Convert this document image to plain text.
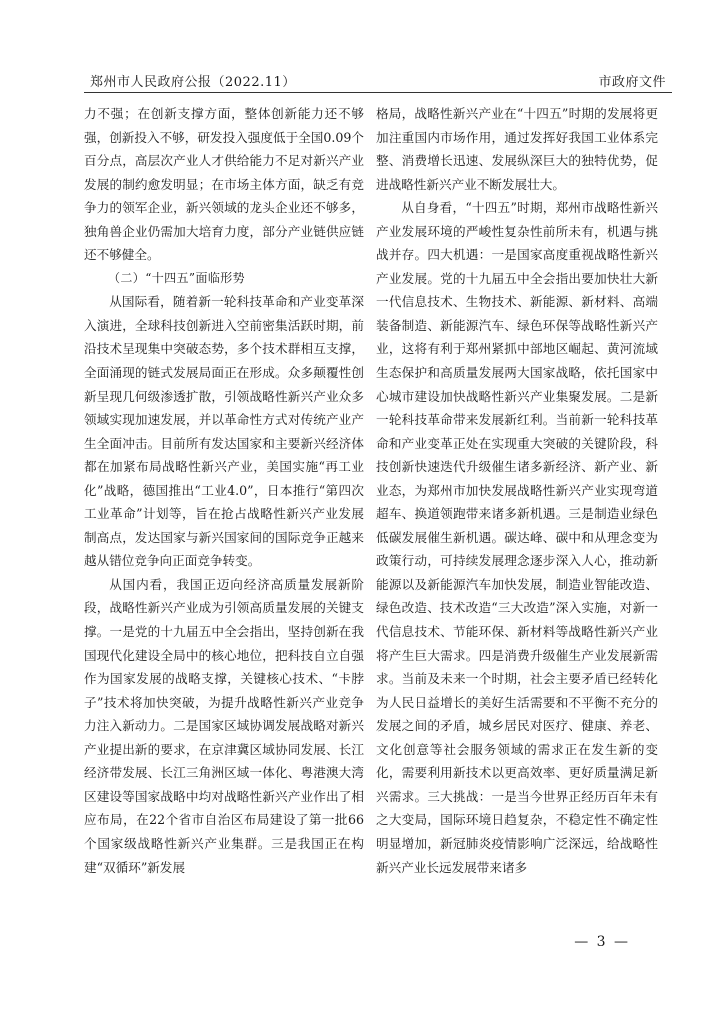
郑州市人民政府公报（2022.11）	市政府文件

力不强；在创新支撑方面，整体创新能力还不够强，创新投入不够，研发投入强度低于全国0.09个百分点，高层次产业人才供给能力不足对新兴产业发展的制约愈发明显；在市场主体方面，缺乏有竞争力的领军企业，新兴领域的龙头企业还不够多，独角兽企业仍需加大培育力度，部分产业链供应链还不够健全。

（二）“十四五”面临形势

从国际看，随着新一轮科技革命和产业变革深入演进，全球科技创新进入空前密集活跃时期，前沿技术呈现集中突破态势，多个技术群相互支撑，全面涌现的链式发展局面正在形成。众多颠覆性创新呈现几何级渗透扩散，引领战略性新兴产业众多领域实现加速发展，并以革命性方式对传统产业产生全面冲击。目前所有发达国家和主要新兴经济体都在加紧布局战略性新兴产业，美国实施“再工业化”战略，德国推出“工业4.0”，日本推行“第四次工业革命”计划等，旨在抢占战略性新兴产业发展制高点，发达国家与新兴国家间的国际竞争正越来越从错位竞争向正面竞争转变。

从国内看，我国正迈向经济高质量发展新阶段，战略性新兴产业成为引领高质量发展的关键支撑。一是党的十九届五中全会指出，坚持创新在我国现代化建设全局中的核心地位，把科技自立自强作为国家发展的战略支撑，关键核心技术、“卡脖子”技术将加快突破，为提升战略性新兴产业竞争力注入新动力。二是国家区域协调发展战略对新兴产业提出新的要求，在京津冀区域协同发展、长江经济带发展、长江三角洲区域一体化、粤港澳大湾区建设等国家战略中均对战略性新兴产业作出了相应布局，在22个省市自治区布局建设了第一批66个国家级战略性新兴产业集群。三是我国正在构建“双循环”新发展

格局，战略性新兴产业在“十四五”时期的发展将更加注重国内市场作用，通过发挥好我国工业体系完整、消费增长迅速、发展纵深巨大的独特优势，促进战略性新兴产业不断发展壮大。

从自身看，“十四五”时期，郑州市战略性新兴产业发展环境的严峻性复杂性前所未有，机遇与挑战并存。四大机遇：一是国家高度重视战略性新兴产业发展。党的十九届五中全会指出要加快壮大新一代信息技术、生物技术、新能源、新材料、高端装备制造、新能源汽车、绿色环保等战略性新兴产业，这将有利于郑州紧抓中部地区崛起、黄河流域生态保护和高质量发展两大国家战略，依托国家中心城市建设加快战略性新兴产业集聚发展。二是新一轮科技革命带来发展新红利。当前新一轮科技革命和产业变革正处在实现重大突破的关键阶段，科技创新快速迭代升级催生诸多新经济、新产业、新业态，为郑州市加快发展战略性新兴产业实现弯道超车、换道领跑带来诸多新机遇。三是制造业绿色低碳发展催生新机遇。碳达峰、碳中和从理念变为政策行动，可持续发展理念逐步深入人心，推动新能源以及新能源汽车加快发展，制造业智能改造、绿色改造、技术改造“三大改造”深入实施，对新一代信息技术、节能环保、新材料等战略性新兴产业将产生巨大需求。四是消费升级催生产业发展新需求。当前及未来一个时期，社会主要矛盾已经转化为人民日益增长的美好生活需要和不平衡不充分的发展之间的矛盾，城乡居民对医疗、健康、养老、文化创意等社会服务领域的需求正在发生新的变化，需要利用新技术以更高效率、更好质量满足新兴需求。三大挑战：一是当今世界正经历百年未有之大变局，国际环境日趋复杂，不稳定性不确定性明显增加，新冠肺炎疫情影响广泛深远，给战略性新兴产业长远发展带来诸多

— 3 —
